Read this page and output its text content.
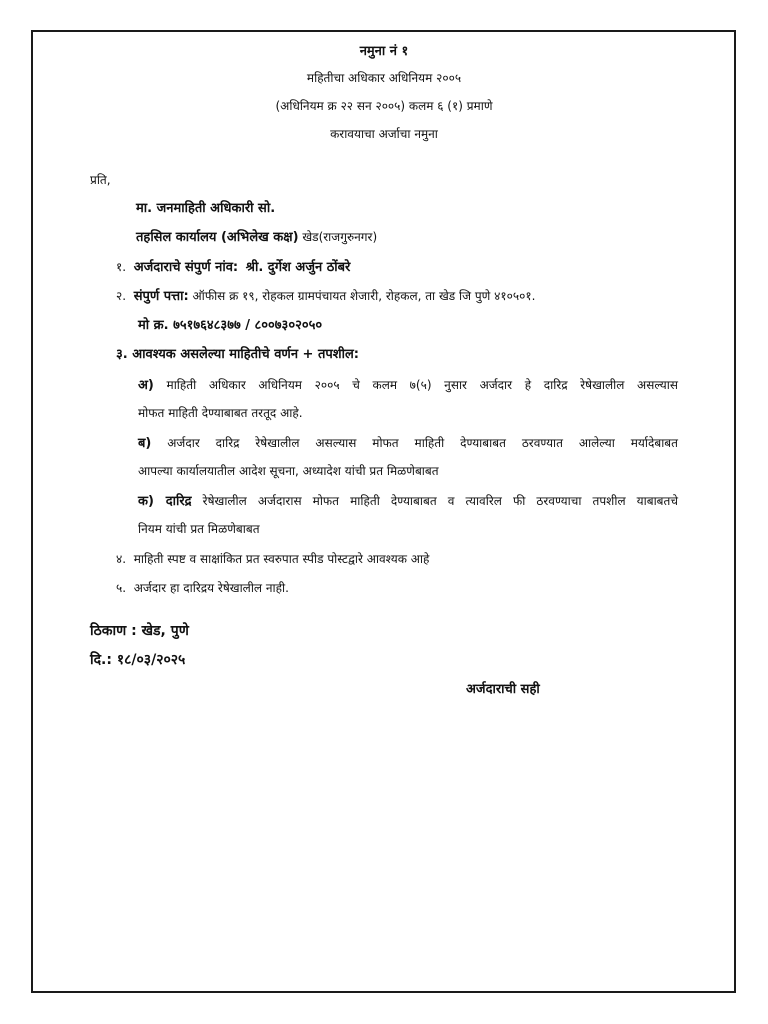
नमुना नं १
महितीचा अधिकार अधिनियम २००५
(अधिनियम क्र २२ सन २००५) कलम ६ (१) प्रमाणे
करावयाचा अर्जाचा नमुना
प्रति,
मा. जनमाहिती अधिकारी सो.
तहसिल कार्यालय (अभिलेख कक्ष) खेड(राजगुरुनगर)
१. अर्जदाराचे संपुर्ण नांव: श्री. दुर्गेश अर्जुन ठोंबरे
२. संपुर्ण पत्ता: ऑफीस क्र १९, रोहकल ग्रामपंचायत शेजारी, रोहकल, ता खेड जि पुणे ४१०५०१.
मो क्र. ७५१७६४८३७७ / ८००७३०२०५०
३. आवश्यक असलेल्या माहितीचे वर्णन + तपशील:
अ) माहिती अधिकार अधिनियम २००५ चे कलम ७(५) नुसार अर्जदार हे दारिद्र रेषेखालील असल्यास
मोफत माहिती देण्याबाबत तरतूद आहे.
ब) अर्जदार दारिद्र रेषेखालील असल्यास मोफत माहिती देण्याबाबत ठरवण्यात आलेल्या मर्यादेबाबत
आपल्या कार्यालयातील आदेश सूचना, अध्यादेश यांची प्रत मिळणेबाबत
क) दारिद्र रेषेखालील अर्जदारास मोफत माहिती देण्याबाबत व त्यावरिल फी ठरवण्याचा तपशील याबाबतचे
नियम यांची प्रत मिळणेबाबत
४. माहिती स्पष्ट व साक्षांकित प्रत स्वरुपात स्पीड पोस्टद्वारे आवश्यक आहे
५. अर्जदार हा दारिद्रय रेषेखालील नाही.
ठिकाण : खेड, पुणे
दि.: १८/०३/२०२५
अर्जदाराची सही
